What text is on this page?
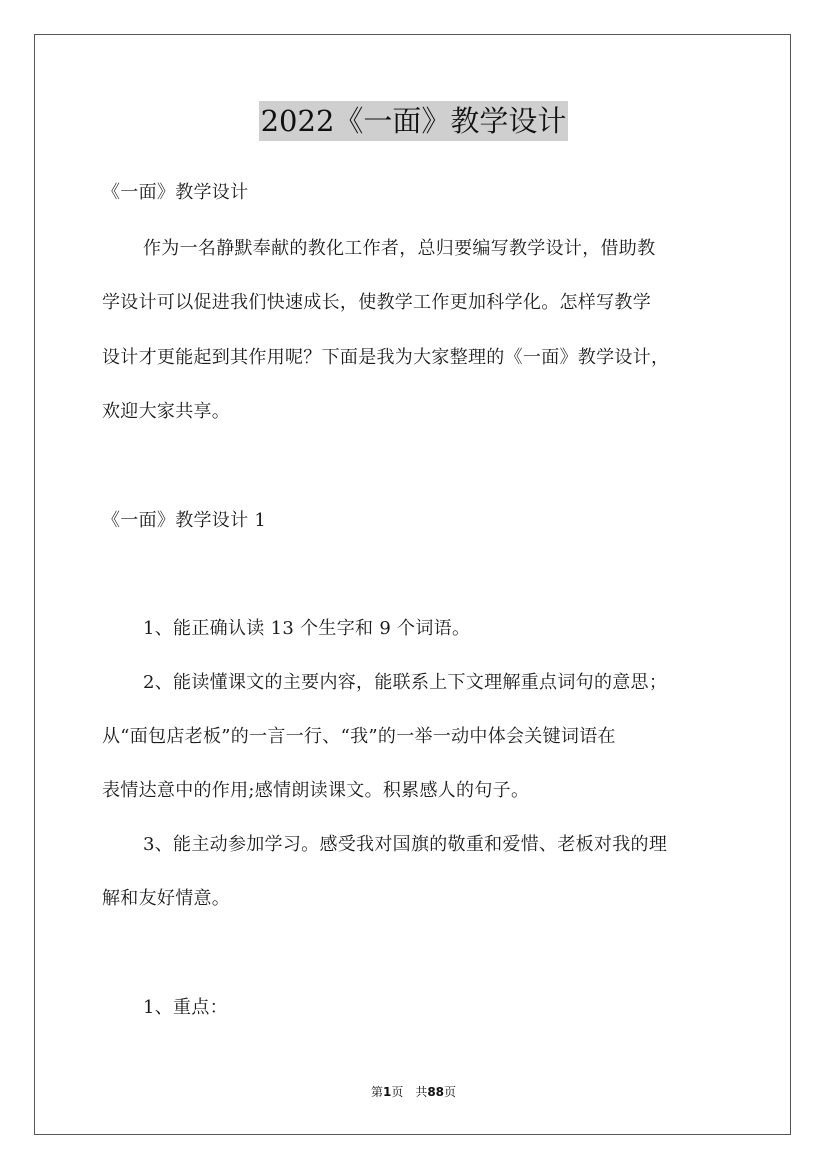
2022《一面》教学设计
《一面》教学设计
作为一名静默奉献的教化工作者，总归要编写教学设计，借助教
学设计可以促进我们快速成长，使教学工作更加科学化。怎样写教学
设计才更能起到其作用呢？下面是我为大家整理的《一面》教学设计，
欢迎大家共享。
《一面》教学设计 1
1、能正确认读 13 个生字和 9 个词语。
2、能读懂课文的主要内容，能联系上下文理解重点词句的意思；
从“面包店老板”的一言一行、“我”的一举一动中体会关键词语在
表情达意中的作用;感情朗读课文。积累感人的句子。
3、能主动参加学习。感受我对国旗的敬重和爱惜、老板对我的理
解和友好情意。
1、重点：
第1页　共88页
